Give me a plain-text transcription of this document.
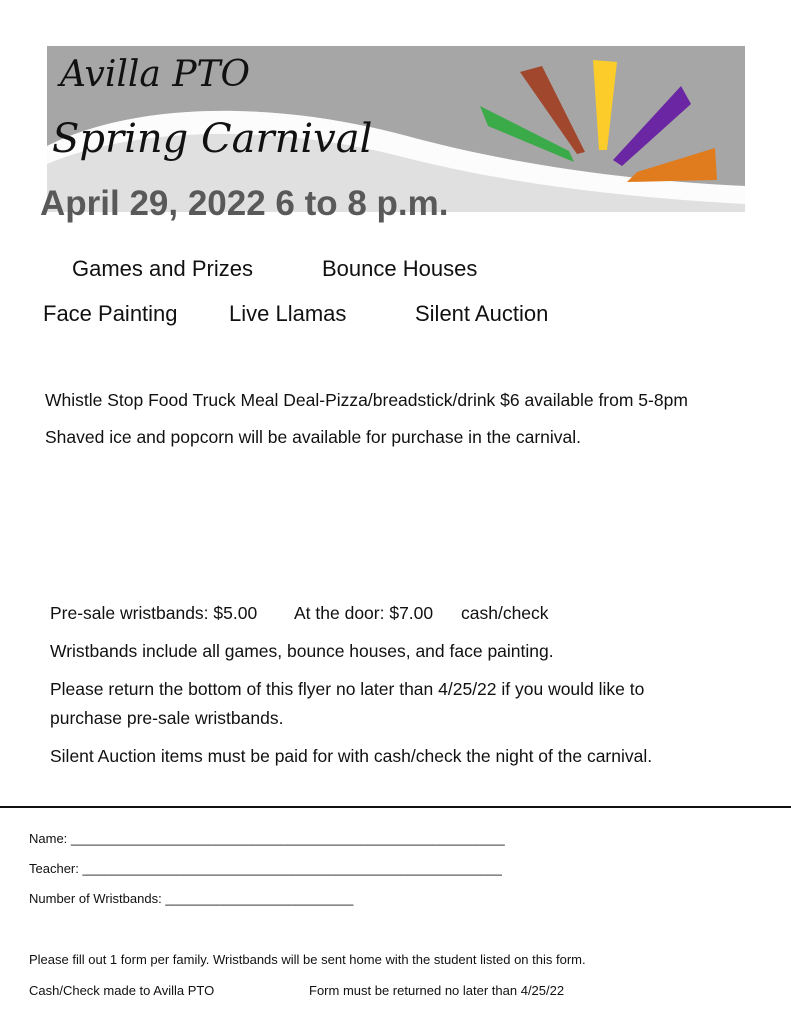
Avilla PTO
Spring Carnival
April 29, 2022 6 to 8 p.m.
Games and Prizes	Bounce Houses
Face Painting Live Llamas	Silent Auction
Whistle Stop Food Truck Meal Deal-Pizza/breadstick/drink $6 available from 5-8pm
Shaved ice and popcorn will be available for purchase in the carnival.
Pre-sale wristbands: $5.00 At the door: $7.00 cash/check
Wristbands include all games, bounce houses, and face painting.
Please return the bottom of this flyer no later than 4/25/22 if you would like to
purchase pre-sale wristbands.
Silent Auction items must be paid for with cash/check the night of the carnival.
Name: ____________________________________________________________
Teacher: __________________________________________________________
Number of Wristbands: __________________________
Please fill out 1 form per family. Wristbands will be sent home with the student listed on this form.
Cash/Check made to Avilla PTO	Form must be returned no later than 4/25/22
